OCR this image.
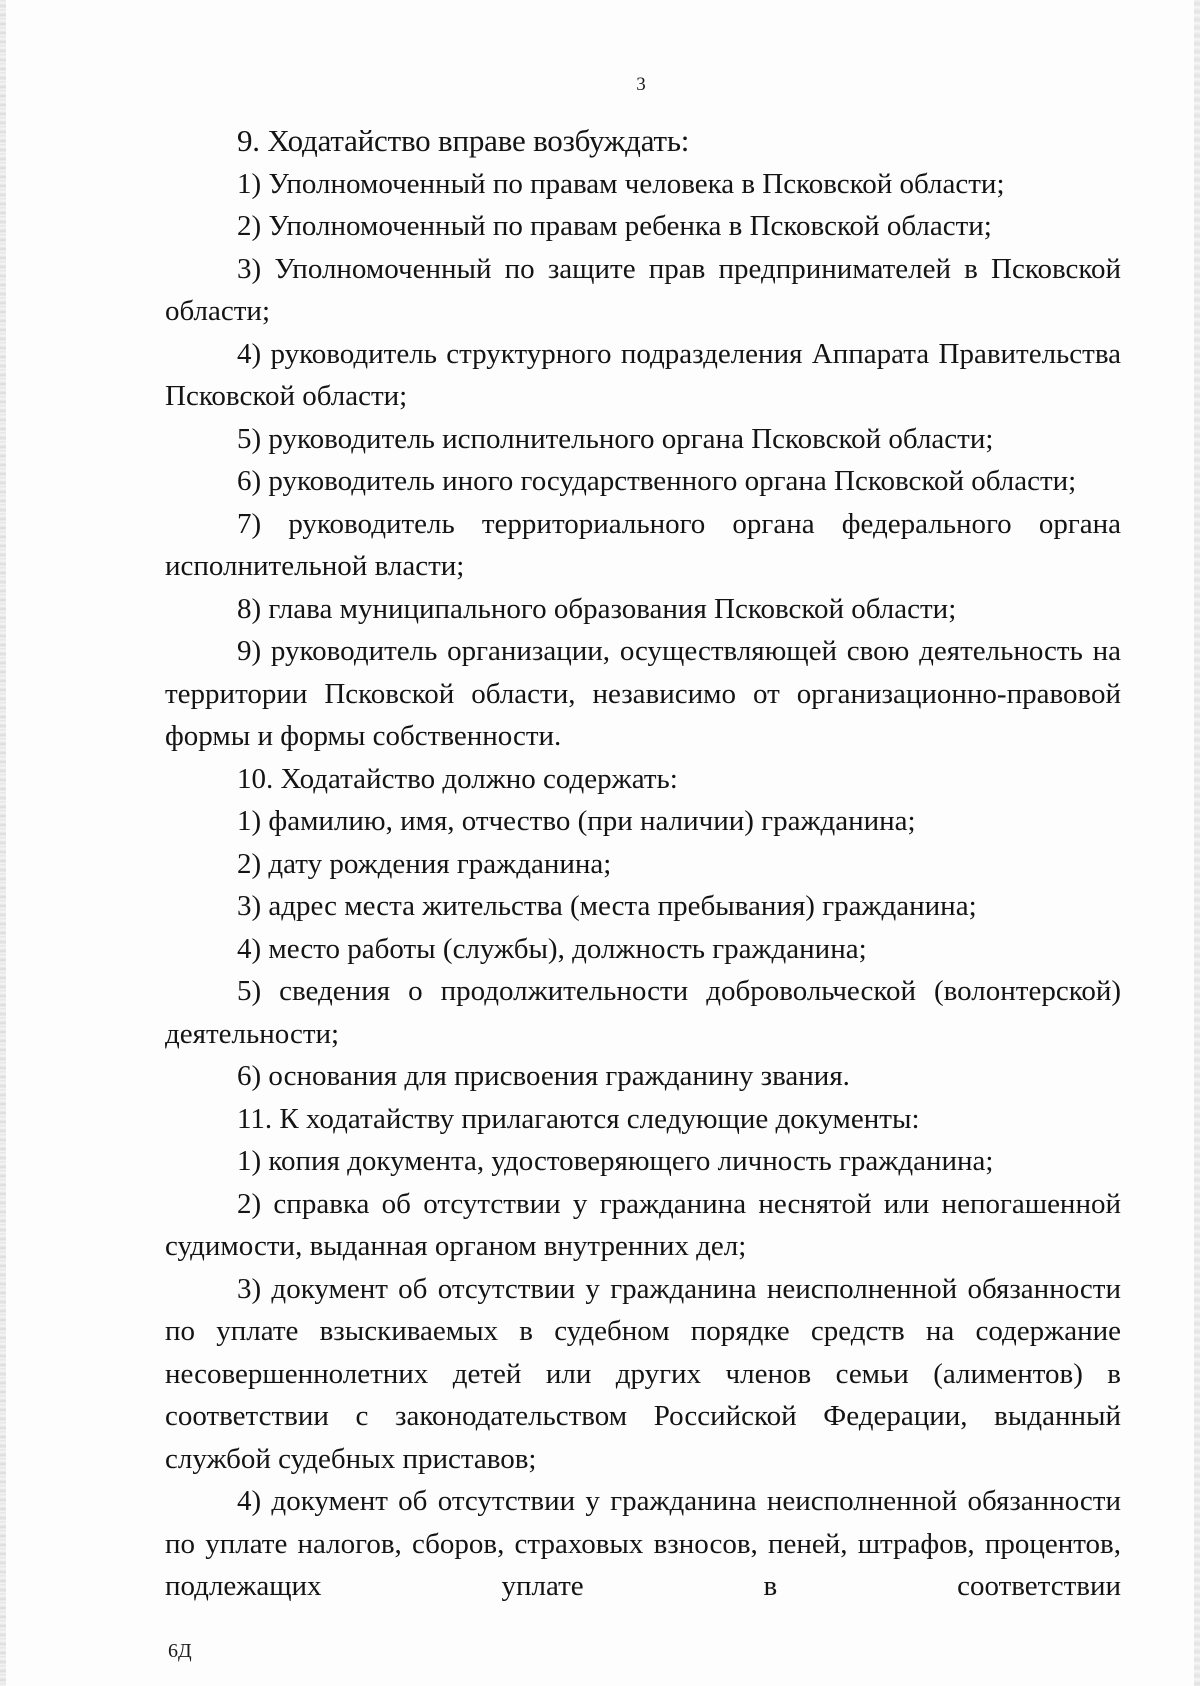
3

9. Ходатайство вправе возбуждать:

1) Уполномоченный по правам человека в Псковской области;

2) Уполномоченный по правам ребенка в Псковской области;

3) Уполномоченный по защите прав предпринимателей в Псковской области;

4) руководитель структурного подразделения Аппарата Правительства Псковской области;

5) руководитель исполнительного органа Псковской области;

6) руководитель иного государственного органа Псковской области;

7) руководитель территориального органа федерального органа исполнительной власти;

8) глава муниципального образования Псковской области;

9) руководитель организации, осуществляющей свою деятельность на территории Псковской области, независимо от организационно-правовой формы и формы собственности.

10. Ходатайство должно содержать:

1) фамилию, имя, отчество (при наличии) гражданина;

2) дату рождения гражданина;

3) адрес места жительства (места пребывания) гражданина;

4) место работы (службы), должность гражданина;

5) сведения о продолжительности добровольческой (волонтерской) деятельности;

6) основания для присвоения гражданину звания.

11. К ходатайству прилагаются следующие документы:

1) копия документа, удостоверяющего личность гражданина;

2) справка об отсутствии у гражданина неснятой или непогашенной судимости, выданная органом внутренних дел;

3) документ об отсутствии у гражданина неисполненной обязанности по уплате взыскиваемых в судебном порядке средств на содержание несовершеннолетних детей или других членов семьи (алиментов) в соответствии с законодательством Российской Федерации, выданный службой судебных приставов;

4) документ об отсутствии у гражданина неисполненной обязанности по уплате налогов, сборов, страховых взносов, пеней, штрафов, процентов, подлежащих уплате в соответствии

6Д
